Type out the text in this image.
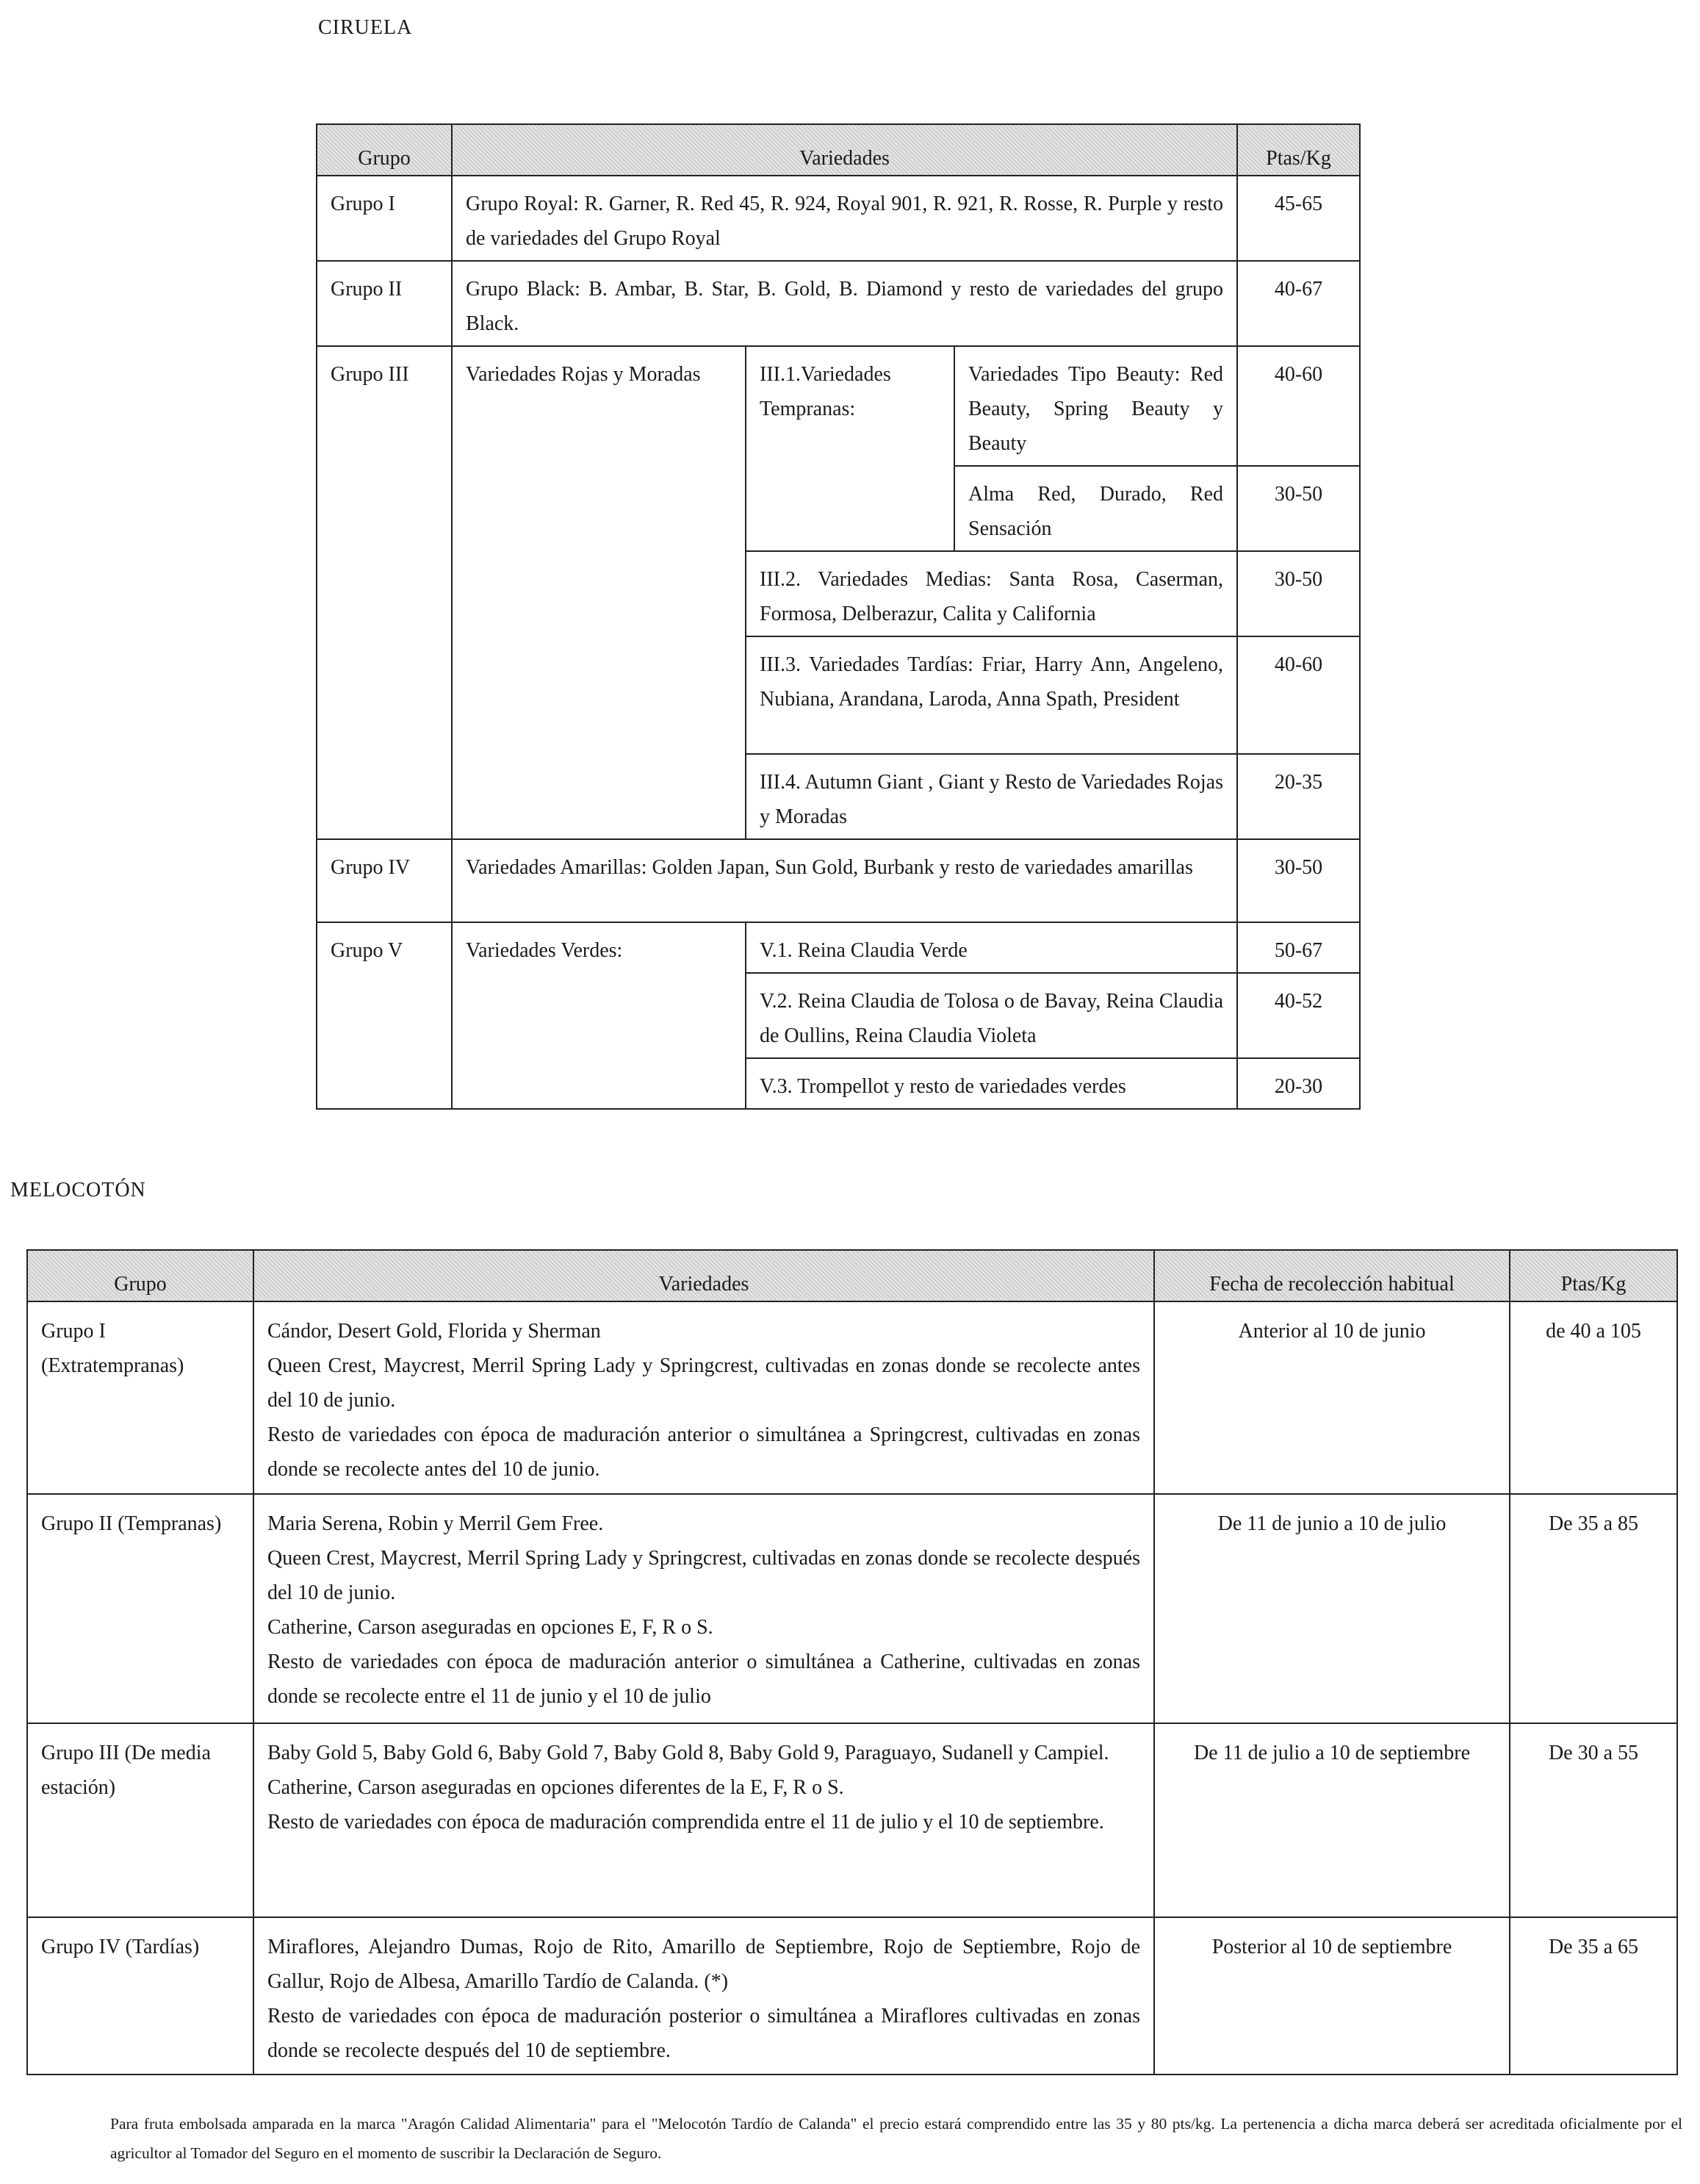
CIRUELA
Grupo	Variedades			Ptas/Kg
Grupo I	Grupo Royal: R. Garner, R. Red 45, R. 924, Royal 901, R. 921, R. Rosse, R. Purple y resto de variedades del Grupo Royal			45-65
Grupo II	Grupo Black: B. Ambar, B. Star, B. Gold, B. Diamond y resto de variedades del grupo Black.			40-67
Grupo III	Variedades Rojas y Moradas	III.1.Variedades Tempranas:	Variedades Tipo Beauty: Red Beauty, Spring Beauty y Beauty	40-60
			Alma Red, Durado, Red Sensación	30-50
		III.2. Variedades Medias: Santa Rosa, Caserman, Formosa, Delberazur, Calita y California		30-50
		III.3. Variedades Tardías: Friar, Harry Ann, Angeleno, Nubiana, Arandana, Laroda, Anna Spath, President		40-60
		III.4. Autumn Giant , Giant y Resto de Variedades Rojas y Moradas		20-35
Grupo IV	Variedades Amarillas: Golden Japan, Sun Gold, Burbank y resto de variedades amarillas			30-50
Grupo V	Variedades Verdes:	V.1. Reina Claudia Verde		50-67
		V.2. Reina Claudia de Tolosa o de Bavay, Reina Claudia de Oullins, Reina Claudia Violeta		40-52
		V.3. Trompellot y resto de variedades verdes		20-30
MELOCOTÓN
Grupo	Variedades	Fecha de recolección habitual	Ptas/Kg
Grupo I (Extratempranas)	Cándor, Desert Gold, Florida y Sherman
Queen Crest, Maycrest, Merril Spring Lady y Springcrest, cultivadas en zonas donde se recolecte antes del 10 de junio.
Resto de variedades con época de maduración anterior o simultánea a Springcrest, cultivadas en zonas donde se recolecte antes del 10 de junio.	Anterior al 10 de junio	de 40 a 105
Grupo II (Tempranas)	Maria Serena, Robin y Merril Gem Free.
Queen Crest, Maycrest, Merril Spring Lady y Springcrest, cultivadas en zonas donde se recolecte después del 10 de junio.
Catherine, Carson aseguradas en opciones E, F, R o S.
Resto de variedades con época de maduración anterior o simultánea a Catherine, cultivadas en zonas donde se recolecte entre el 11 de junio y el 10 de julio	De 11 de junio a 10 de julio	De 35 a 85
Grupo III (De media estación)	Baby Gold 5, Baby Gold 6, Baby Gold 7, Baby Gold 8, Baby Gold 9, Paraguayo, Sudanell y Campiel.
Catherine, Carson aseguradas en opciones diferentes de la E, F, R o S.
Resto de variedades con época de maduración comprendida entre el 11 de julio y el 10 de septiembre.	De 11 de julio a 10 de septiembre	De 30 a 55
Grupo IV (Tardías)	Miraflores, Alejandro Dumas, Rojo de Rito, Amarillo de Septiembre, Rojo de Septiembre, Rojo de Gallur, Rojo de Albesa, Amarillo Tardío de Calanda. (*)
Resto de variedades con época de maduración posterior o simultánea a Miraflores cultivadas en zonas donde se recolecte después del 10 de septiembre.	Posterior al 10 de septiembre	De 35 a 65

Para fruta embolsada amparada en la marca "Aragón Calidad Alimentaria" para el "Melocotón Tardío de Calanda" el precio estará comprendido entre las 35 y 80 pts/kg. La pertenencia a dicha marca deberá ser acreditada oficialmente por el agricultor al Tomador del Seguro en el momento de suscribir la Declaración de Seguro.
